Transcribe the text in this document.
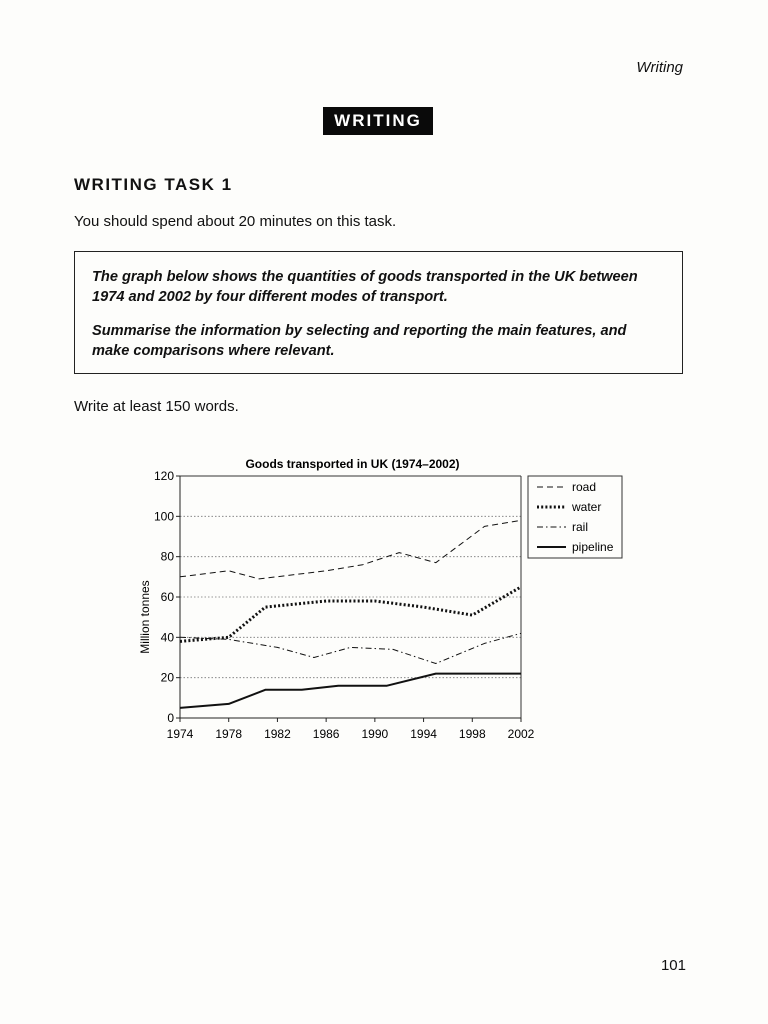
Writing
WRITING
WRITING TASK 1
You should spend about 20 minutes on this task.

The graph below shows the quantities of goods transported in the UK between 1974 and 2002 by four different modes of transport.

Summarise the information by selecting and reporting the main features, and make comparisons where relevant.

Write at least 150 words.
Goods transported in UK (1974–2002)
0
20
40
60
80
100
120
1974 1978 1982 1986 1990 1994 1998 2002
Million tonnes
road
water
rail
pipeline
101
